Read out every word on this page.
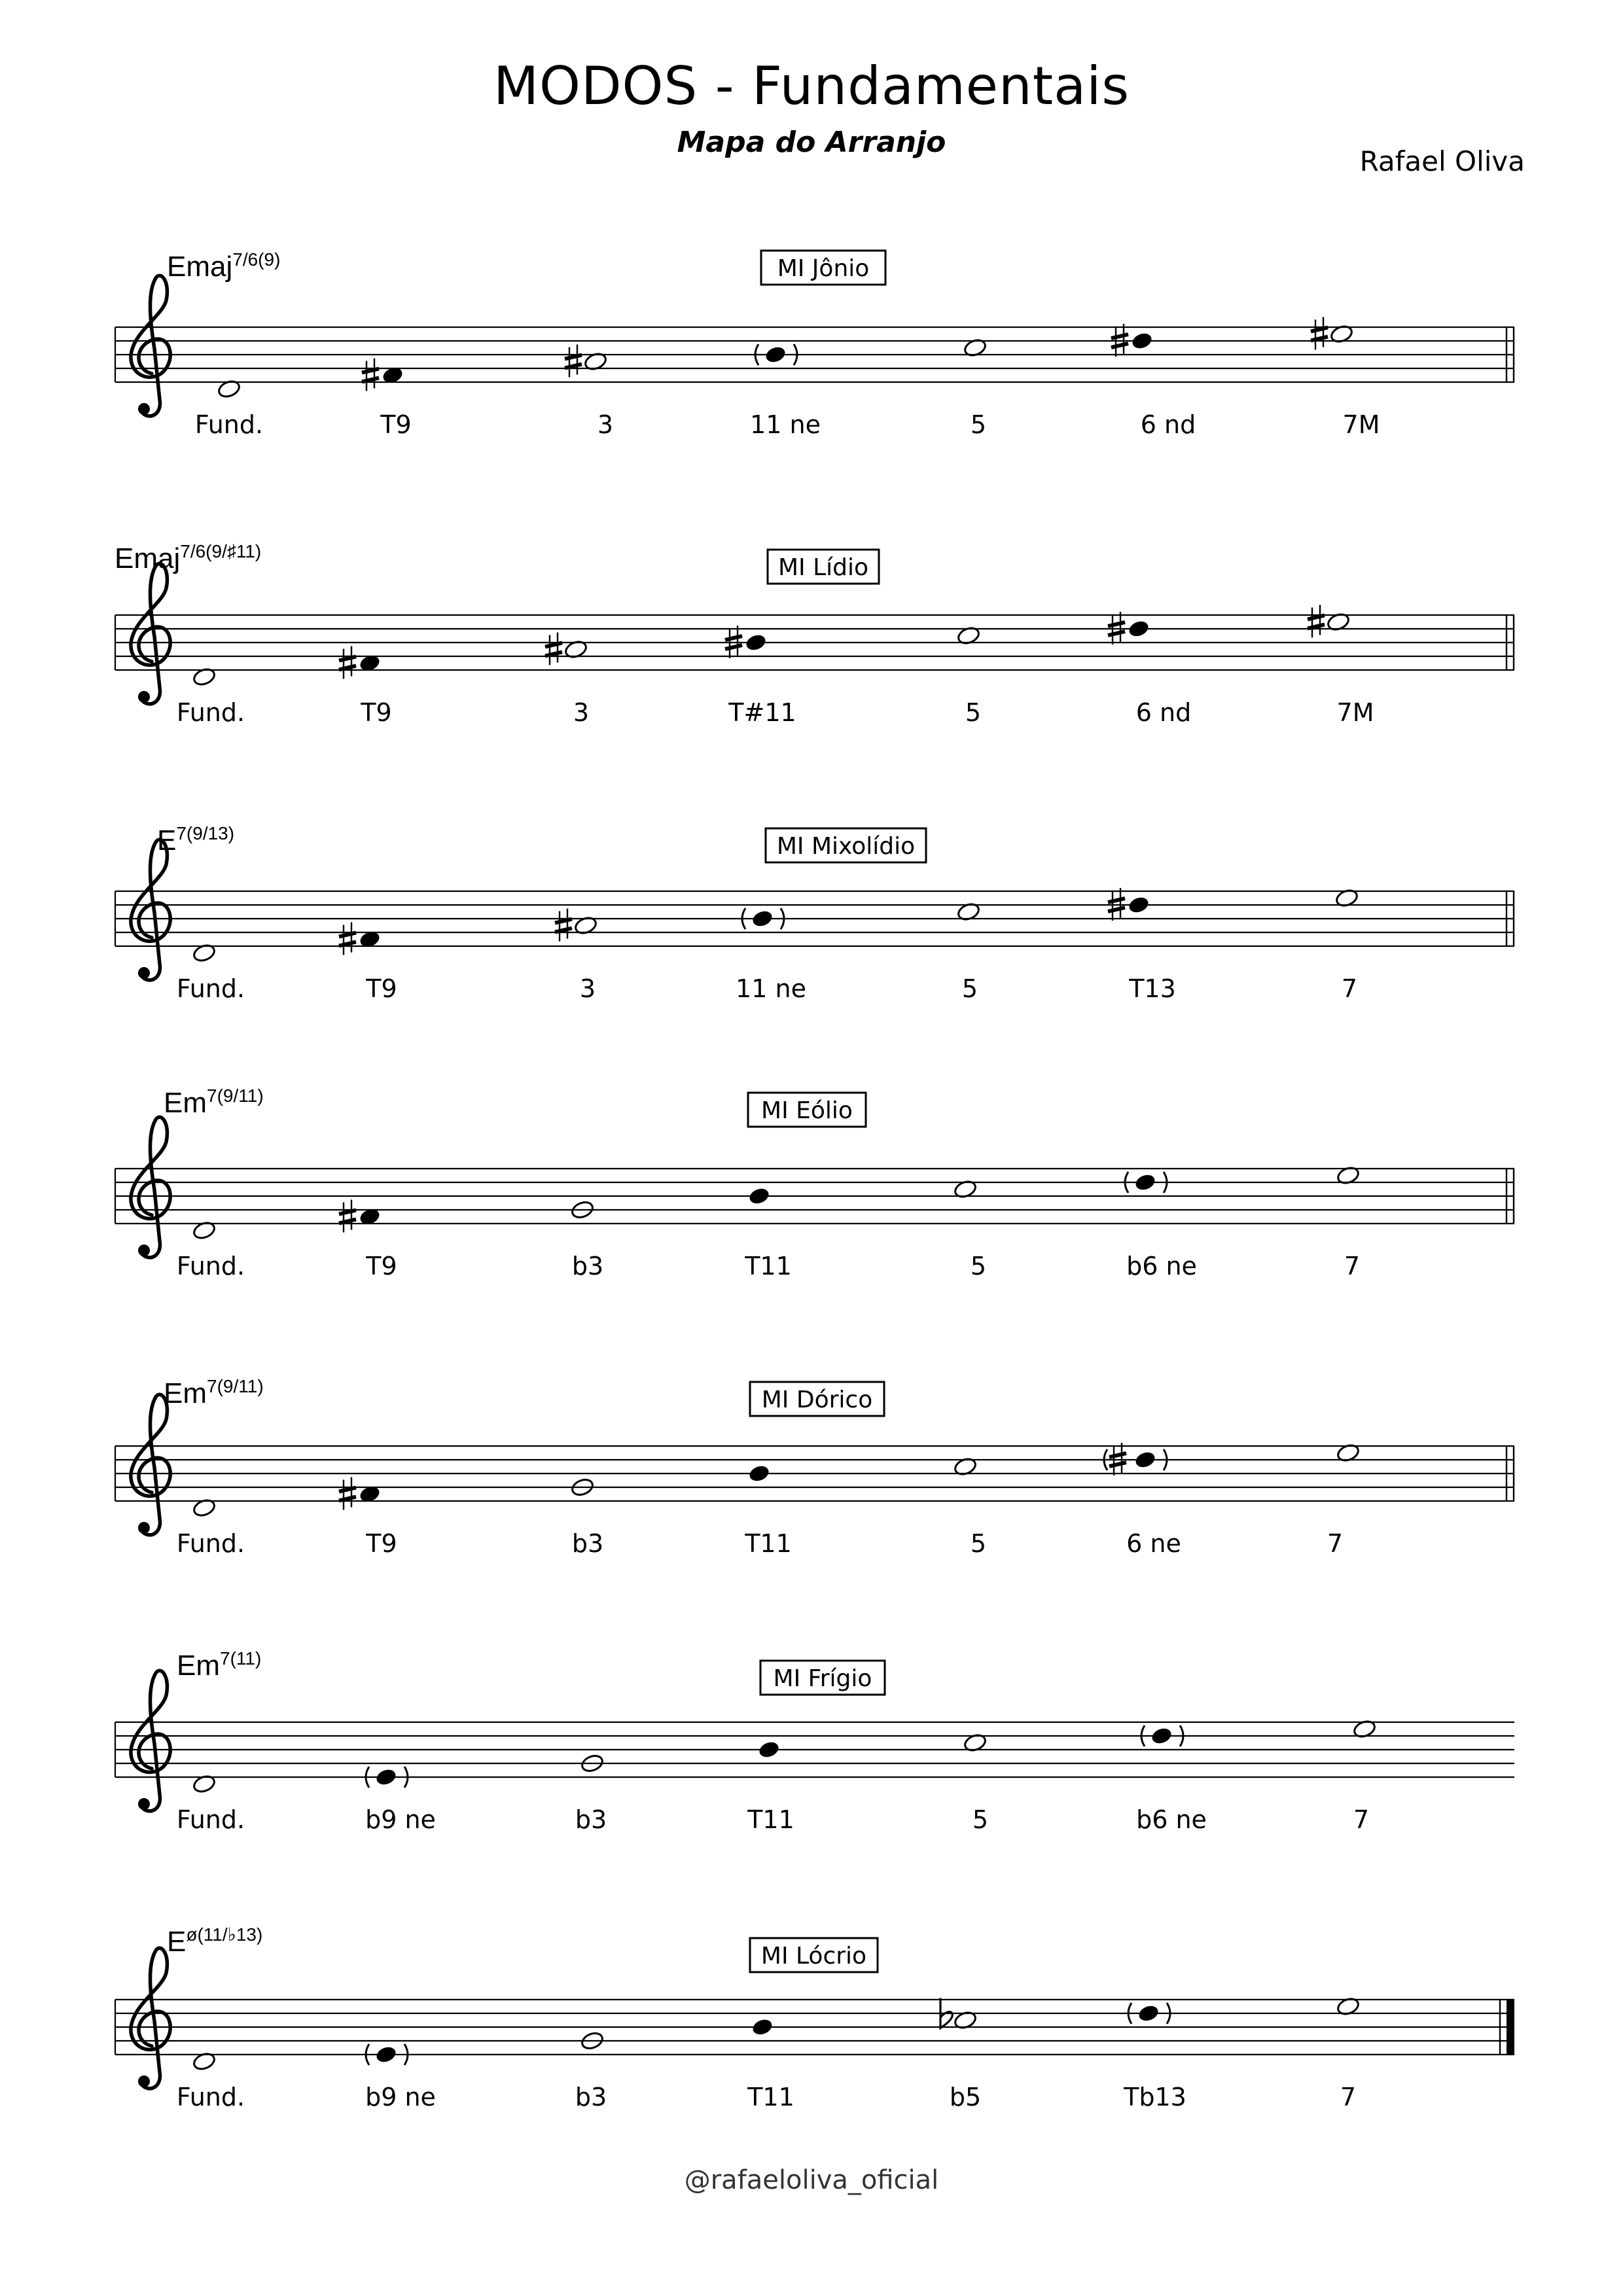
MODOS - Fundamentais
Mapa do Arranjo
Rafael Oliva
Emaj$^{7/6(9)}$	MI Jônio
Fund.	T9	3	11 ne	5	6 nd	7M
Emaj$^{7/6(9/♯11)}$
MI Lídio
Fund.	T9	3	T#11	5	6 nd	7M
$E^{7(9/13)}$	MI Mixolídio
Fund.	T9	3	11 ne	5	T13	7
$Em^{7(9/11)}$
MI Eólio
Fund.	T9	b3	T11	5	b6 ne	7
$Em^{7(9/11)}$
MI Dórico
Fund.	T9	b3	T11	5	6 ne	7
$Em^{7(11)}$
MI Frígio
Fund.	b9 ne	b3	T11	5	b6 ne	7
$E^{ø(11/♭13)}$
MI Lócrio
Fund.	b9 ne	b3	T11	b5	Tb13	7
@rafaeloliva_oficial
